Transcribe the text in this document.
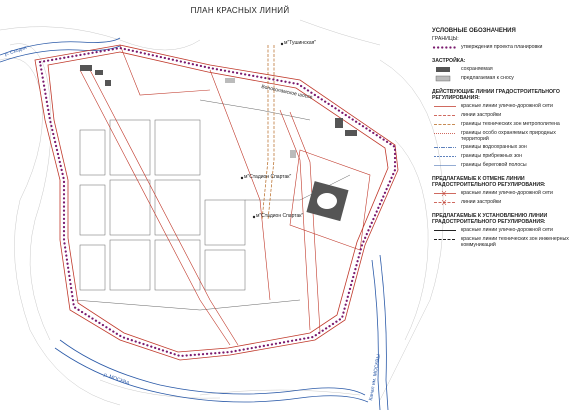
ПЛАН КРАСНЫХ ЛИНИЙ
м"Тушинская"
м"Стадион Спартак"
м"Стадион Спартак"
р. Сходня
р. МОСКВА	Канал им. МОСКВЫ
Волоколамское шоссе
УСЛОВНЫЕ ОБОЗНАЧЕНИЯ
ГРАНИЦЫ:
утверждения проекта планировки
ЗАСТРОЙКА:
сохраняемая
предлагаемая к сносу
ДЕЙСТВУЮЩИЕ ЛИНИИ ГРАДОСТРОИТЕЛЬНОГО РЕГУЛИРОВАНИЯ:
красные линии улично-дорожной сети
линии застройки
границы технических зон метрополитена
границы особо охраняемых природных территорий
границы водоохранных зон
границы прибрежных зон
границы береговой полосы
ПРЕДЛАГАЕМЫЕ К ОТМЕНЕ ЛИНИИ ГРАДОСТРОИТЕЛЬНОГО РЕГУЛИРОВАНИЯ:
красные линии улично-дорожной сети
линии застройки
ПРЕДЛАГАЕМЫЕ К УСТАНОВЛЕНИЮ ЛИНИИ ГРАДОСТРОИТЕЛЬНОГО РЕГУЛИРОВАНИЯ:
красные линии улично-дорожной сети
красные линии технических зон инженерных коммуникаций
